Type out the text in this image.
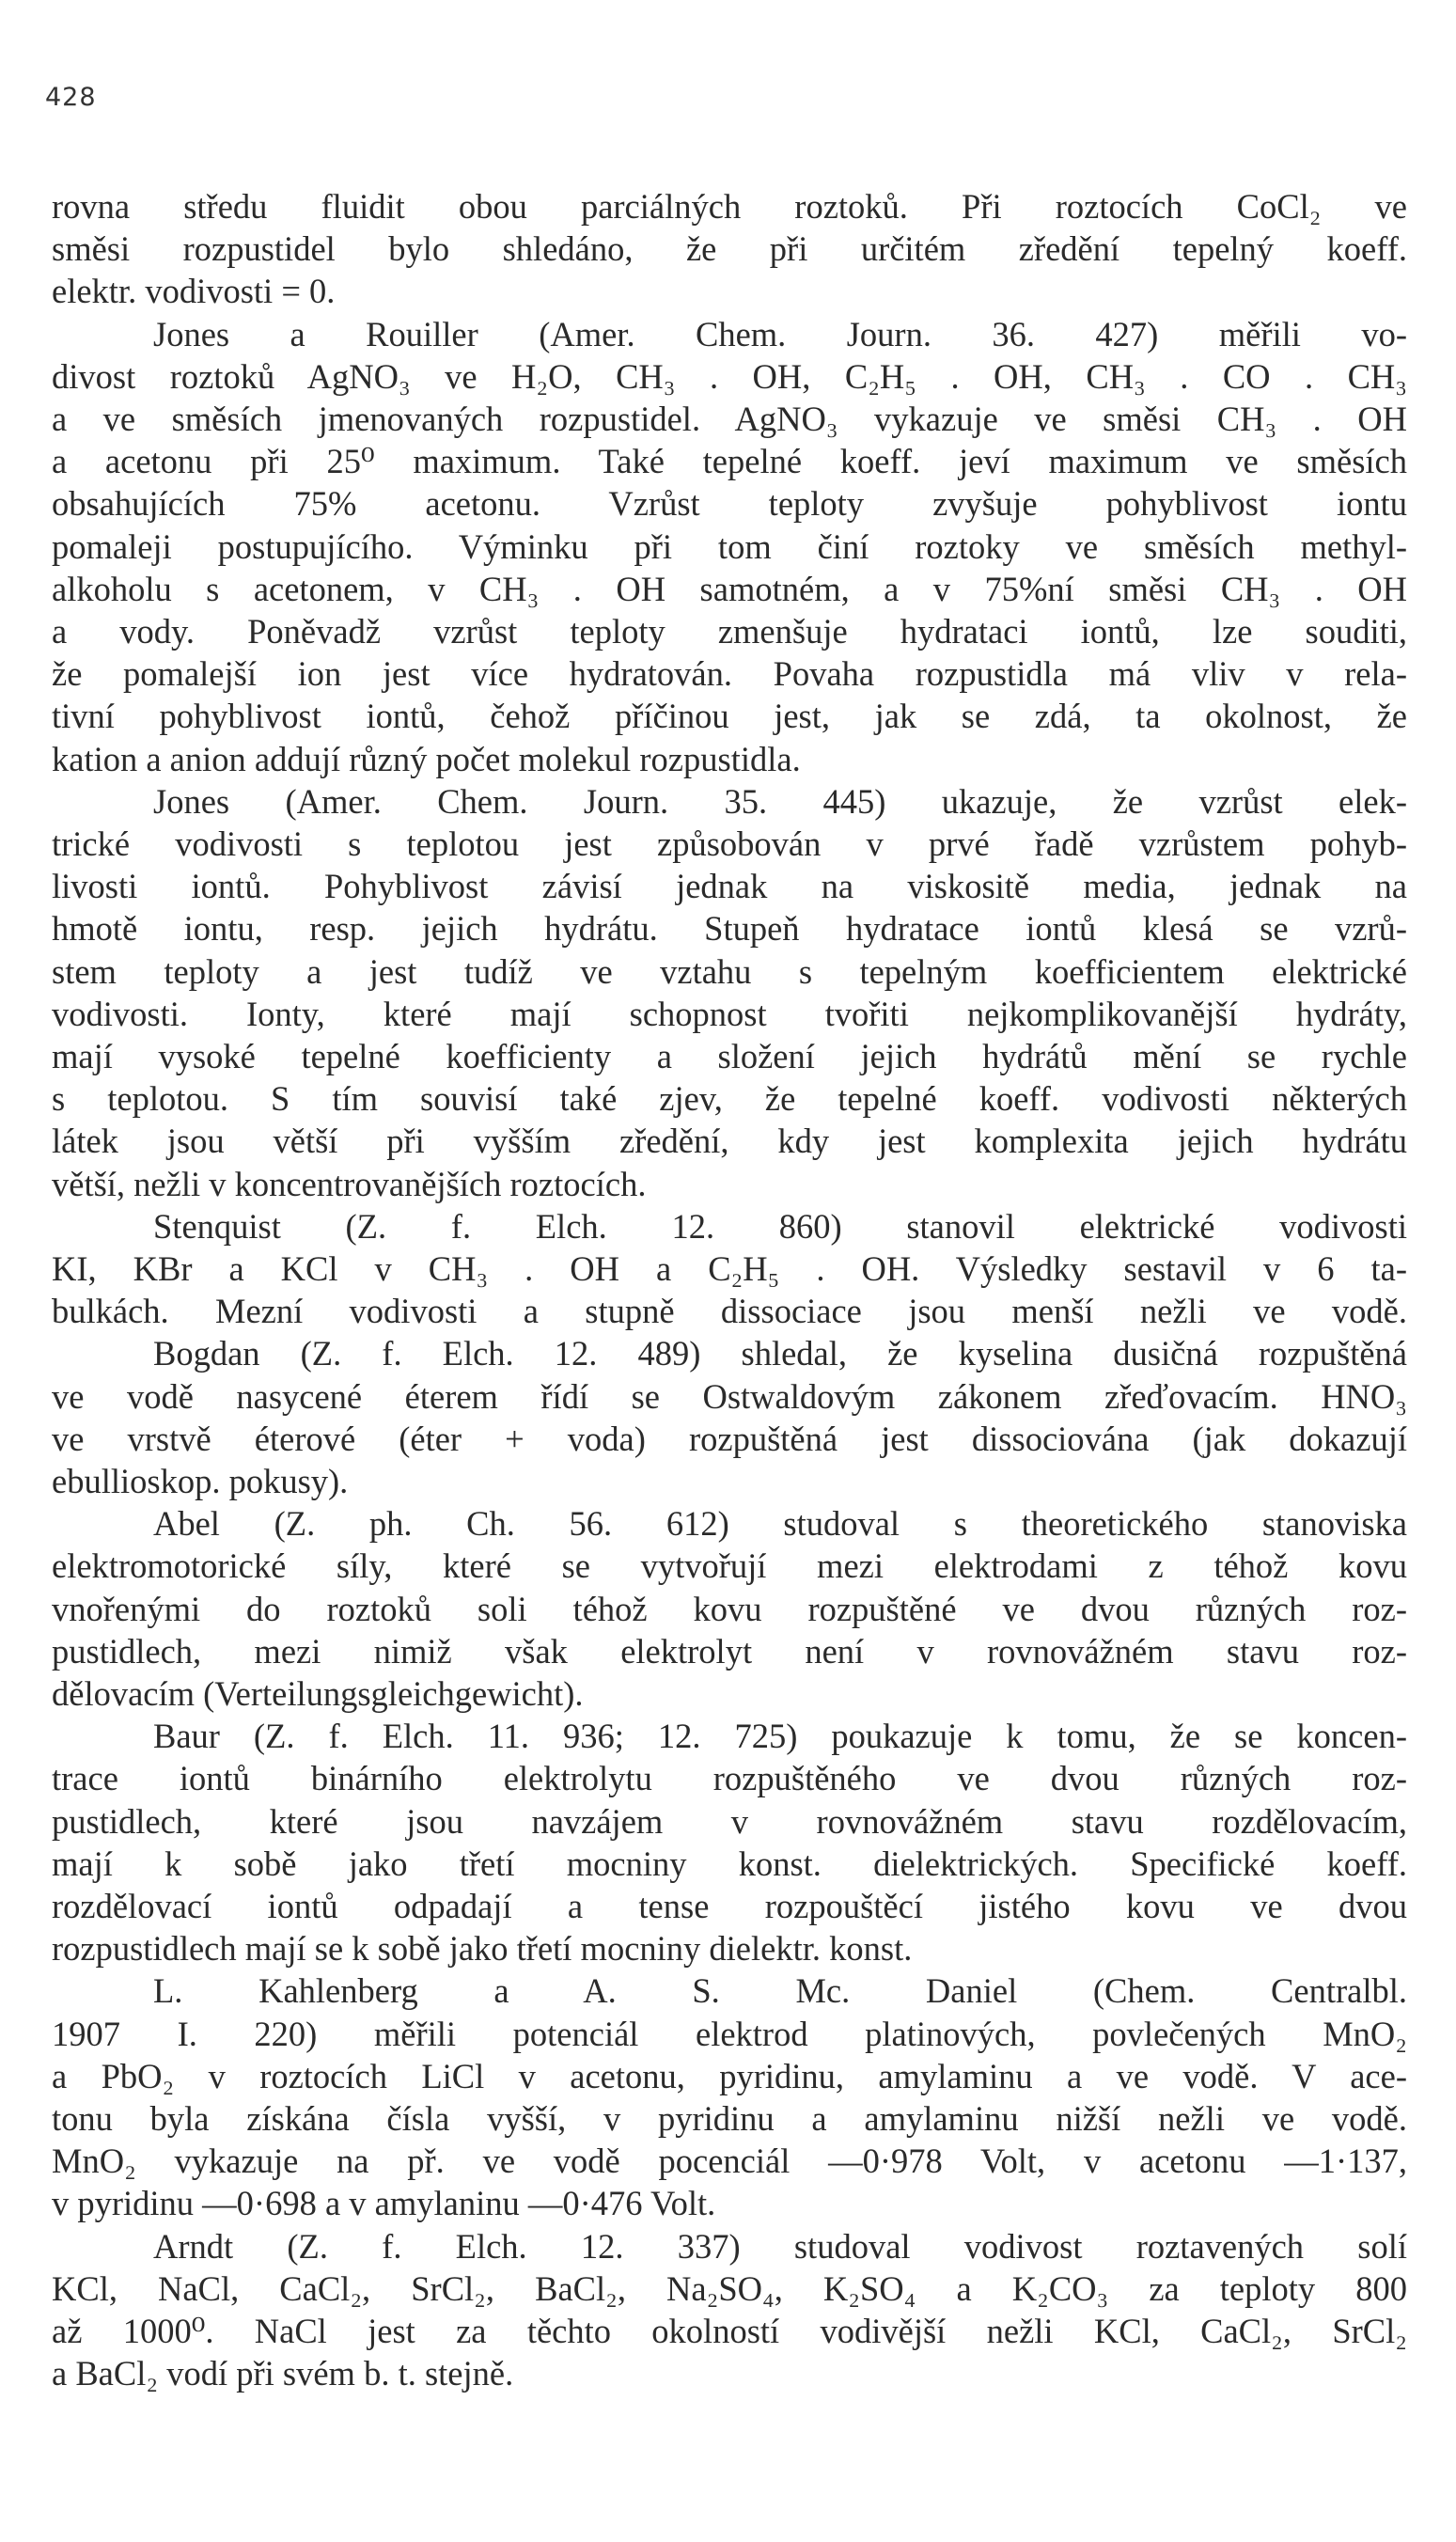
428

rovna středu fluidit obou parciálných roztoků. Při roztocích CoCl₂ ve

směsi rozpustidel bylo shledáno, že při určitém zředění tepelný koeff.

elektr. vodivosti = 0.

Jones a Rouiller (Amer. Chem. Journ. 36. 427) měřili vo-

divost roztoků AgNO₃ ve H₂O, CH₃ . OH, C₂H₅ . OH, CH₃ . CO . CH₃

a ve směsích jmenovaných rozpustidel. AgNO₃ vykazuje ve směsi CH₃ . OH

a acetonu při 25⁰ maximum. Také tepelné koeff. jeví maximum ve směsích

obsahujících 75% acetonu. Vzrůst teploty zvyšuje pohyblivost iontu

pomaleji postupujícího. Výminku při tom činí roztoky ve směsích methyl-

alkoholu s acetonem, v CH₃ . OH samotném, a v 75%ní směsi CH₃ . OH

a vody. Poněvadž vzrůst teploty zmenšuje hydrataci iontů, lze souditi,

že pomalejší ion jest více hydratován. Povaha rozpustidla má vliv v rela-

tivní pohyblivost iontů, čehož příčinou jest, jak se zdá, ta okolnost, že

kation a anion addují různý počet molekul rozpustidla.

Jones (Amer. Chem. Journ. 35. 445) ukazuje, že vzrůst elek-

trické vodivosti s teplotou jest způsobován v prvé řadě vzrůstem pohyb-

livosti iontů. Pohyblivost závisí jednak na viskositě media, jednak na

hmotě iontu, resp. jejich hydrátu. Stupeň hydratace iontů klesá se vzrů-

stem teploty a jest tudíž ve vztahu s tepelným koefficientem elektrické

vodivosti. Ionty, které mají schopnost tvořiti nejkomplikovanější hydráty,

mají vysoké tepelné koefficienty a složení jejich hydrátů mění se rychle

s teplotou. S tím souvisí také zjev, že tepelné koeff. vodivosti některých

látek jsou větší při vyšším zředění, kdy jest komplexita jejich hydrátu

větší, nežli v koncentrovanějších roztocích.

Stenquist (Z. f. Elch. 12. 860) stanovil elektrické vodivosti

KI, KBr a KCl v CH₃ . OH a C₂H₅ . OH. Výsledky sestavil v 6 ta-

bulkách. Mezní vodivosti a stupně dissociace jsou menší nežli ve vodě.

Bogdan (Z. f. Elch. 12. 489) shledal, že kyselina dusičná rozpuštěná

ve vodě nasycené éterem řídí se Ostwaldovým zákonem zřeďovacím. HNO₃

ve vrstvě éterové (éter + voda) rozpuštěná jest dissociována (jak dokazují

ebullioskop. pokusy).

Abel (Z. ph. Ch. 56. 612) studoval s theoretického stanoviska

elektromotorické síly, které se vytvořují mezi elektrodami z téhož kovu

vnořenými do roztoků soli téhož kovu rozpuštěné ve dvou různých roz-

pustidlech, mezi nimiž však elektrolyt není v rovnovážném stavu roz-

dělovacím (Verteilungsgleichgewicht).

Baur (Z. f. Elch. 11. 936; 12. 725) poukazuje k tomu, že se koncen-

trace iontů binárního elektrolytu rozpuštěného ve dvou různých roz-

pustidlech, které jsou navzájem v rovnovážném stavu rozdělovacím,

mají k sobě jako třetí mocniny konst. dielektrických. Specifické koeff.

rozdělovací iontů odpadají a tense rozpouštěcí jistého kovu ve dvou

rozpustidlech mají se k sobě jako třetí mocniny dielektr. konst.

L. Kahlenberg a A. S. Mc. Daniel (Chem. Centralbl.

1907 I. 220) měřili potenciál elektrod platinových, povlečených MnO₂

a PbO₂ v roztocích LiCl v acetonu, pyridinu, amylaminu a ve vodě. V ace-

tonu byla získána čísla vyšší, v pyridinu a amylaminu nižší nežli ve vodě.

MnO₂ vykazuje na př. ve vodě pocenciál —0·978 Volt, v acetonu —1·137,

v pyridinu —0·698 a v amylaninu —0·476 Volt.

Arndt (Z. f. Elch. 12. 337) studoval vodivost roztavených solí

KCl, NaCl, CaCl₂, SrCl₂, BaCl₂, Na₂SO₄, K₂SO₄ a K₂CO₃ za teploty 800

až 1000⁰. NaCl jest za těchto okolností vodivější nežli KCl, CaCl₂, SrCl₂

a BaCl₂ vodí při svém b. t. stejně.
